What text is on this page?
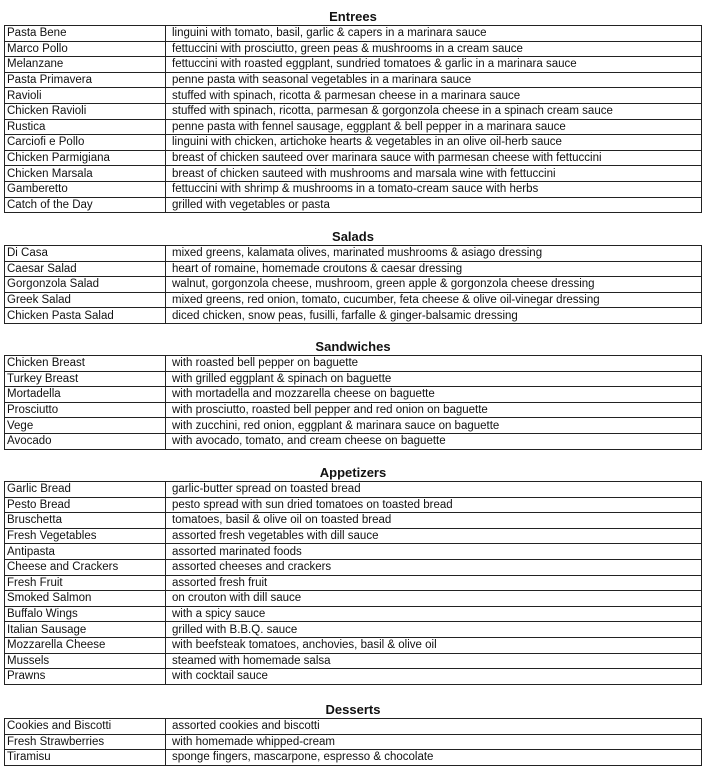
Entrees
Pasta Bene	linguini with tomato, basil, garlic & capers in a marinara sauce
Marco Pollo	fettuccini with prosciutto, green peas & mushrooms in a cream sauce
Melanzane	fettuccini with roasted eggplant, sundried tomatoes & garlic in a marinara sauce
Pasta Primavera	penne pasta with seasonal vegetables in a marinara sauce
Ravioli	stuffed with spinach, ricotta & parmesan cheese in a marinara sauce
Chicken Ravioli	stuffed with spinach, ricotta, parmesan & gorgonzola cheese in a spinach cream sauce
Rustica	penne pasta with fennel sausage, eggplant & bell pepper in a marinara sauce
Carciofi e Pollo	linguini with chicken, artichoke hearts & vegetables in an olive oil-herb sauce
Chicken Parmigiana	breast of chicken sauteed over marinara sauce with parmesan cheese with fettuccini
Chicken Marsala	breast of chicken sauteed with mushrooms and marsala wine with fettuccini
Gamberetto	fettuccini with shrimp & mushrooms in a tomato-cream sauce with herbs
Catch of the Day	grilled with vegetables or pasta
Salads
Di Casa	mixed greens, kalamata olives, marinated mushrooms & asiago dressing
Caesar Salad	heart of romaine, homemade croutons & caesar dressing
Gorgonzola Salad	walnut, gorgonzola cheese, mushroom, green apple & gorgonzola cheese dressing
Greek Salad	mixed greens, red onion, tomato, cucumber, feta cheese & olive oil-vinegar dressing
Chicken Pasta Salad	diced chicken, snow peas, fusilli, farfalle & ginger-balsamic dressing
Sandwiches
Chicken Breast	with roasted bell pepper on baguette
Turkey Breast	with grilled eggplant & spinach on baguette
Mortadella	with mortadella and mozzarella cheese on baguette
Prosciutto	with prosciutto, roasted bell pepper and red onion on baguette
Vege	with zucchini, red onion, eggplant & marinara sauce on baguette
Avocado	with avocado, tomato, and cream cheese on baguette
Appetizers
Garlic Bread	garlic-butter spread on toasted bread
Pesto Bread	pesto spread with sun dried tomatoes on toasted bread
Bruschetta	tomatoes, basil & olive oil on toasted bread
Fresh Vegetables	assorted fresh vegetables with dill sauce
Antipasta	assorted marinated foods
Cheese and Crackers	assorted cheeses and crackers
Fresh Fruit	assorted fresh fruit
Smoked Salmon	on crouton with dill sauce
Buffalo Wings	with a spicy sauce
Italian Sausage	grilled with B.B.Q. sauce
Mozzarella Cheese	with beefsteak tomatoes, anchovies, basil & olive oil
Mussels	steamed with homemade salsa
Prawns	with cocktail sauce
Desserts
Cookies and Biscotti	assorted cookies and biscotti
Fresh Strawberries	with homemade whipped-cream
Tiramisu	sponge fingers, mascarpone, espresso & chocolate
